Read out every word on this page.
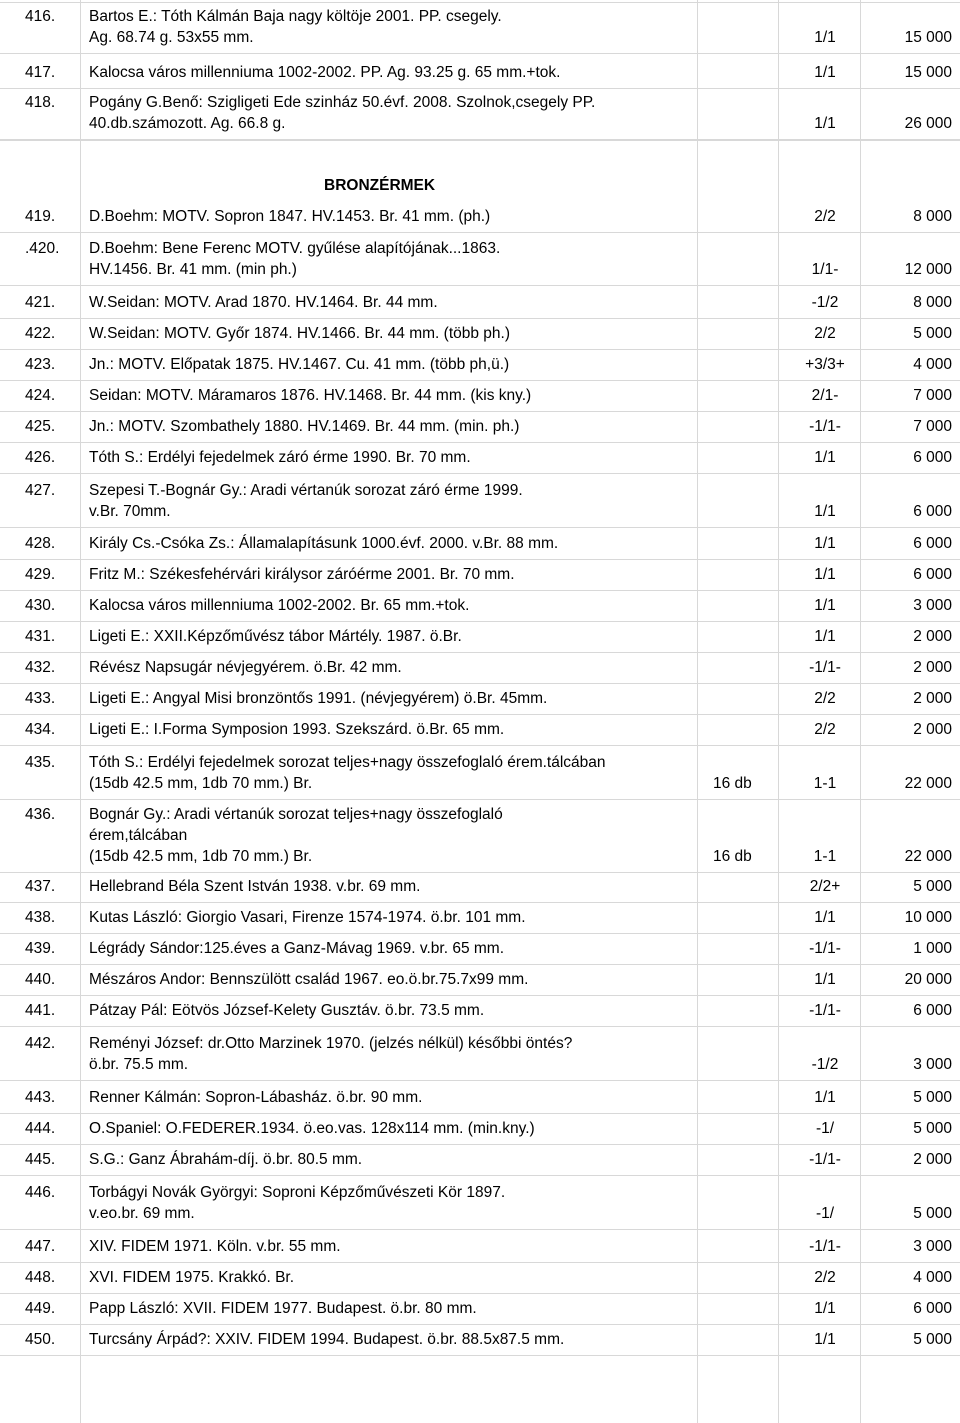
BRONZÉRMEK
416. Bartos E.: Tóth Kálmán Baja nagy költöje 2001. PP. csegely.
Ag. 68.74 g. 53x55 mm.	1/1	15 000
417. Kalocsa város millenniuma 1002-2002. PP. Ag. 93.25 g. 65 mm.+tok.	1/1	15 000
418. Pogány G.Benő: Szigligeti Ede szinház 50.évf. 2008. Szolnok,csegely PP.
40.db.számozott. Ag. 66.8 g.	1/1	26 000
419. D.Boehm: MOTV. Sopron 1847. HV.1453. Br. 41 mm. (ph.)	2/2	8 000
.420. D.Boehm: Bene Ferenc MOTV. gyűlése alapítójának...1863.
HV.1456. Br. 41 mm. (min ph.)	1/1-	12 000
421. W.Seidan: MOTV. Arad 1870. HV.1464. Br. 44 mm.	-1/2	8 000
422. W.Seidan: MOTV. Győr 1874. HV.1466. Br. 44 mm. (több ph.)	2/2	5 000
423. Jn.: MOTV. Előpatak 1875. HV.1467. Cu. 41 mm. (több ph,ü.)	+3/3+	4 000
424. Seidan: MOTV. Máramaros 1876. HV.1468. Br. 44 mm. (kis kny.)	2/1-	7 000
425. Jn.: MOTV. Szombathely 1880. HV.1469. Br. 44 mm. (min. ph.)	-1/1-	7 000
426. Tóth S.: Erdélyi fejedelmek záró érme 1990. Br. 70 mm.	1/1	6 000
427. Szepesi T.-Bognár Gy.: Aradi vértanúk sorozat záró érme 1999.
v.Br. 70mm.	1/1	6 000
428. Király Cs.-Csóka Zs.: Államalapításunk 1000.évf. 2000. v.Br. 88 mm.	1/1	6 000
429. Fritz M.: Székesfehérvári királysor záróérme 2001. Br. 70 mm.	1/1	6 000
430. Kalocsa város millenniuma 1002-2002. Br. 65 mm.+tok.	1/1	3 000
431. Ligeti E.: XXII.Képzőművész tábor Mártély. 1987. ö.Br.	1/1	2 000
432. Révész Napsugár névjegyérem. ö.Br. 42 mm.	-1/1-	2 000
433. Ligeti E.: Angyal Misi bronzöntős 1991. (névjegyérem) ö.Br. 45mm.	2/2	2 000
434. Ligeti E.: I.Forma Symposion 1993. Szekszárd. ö.Br. 65 mm.	2/2	2 000
435. Tóth S.: Erdélyi fejedelmek sorozat teljes+nagy összefoglaló érem.tálcában
(15db 42.5 mm, 1db 70 mm.) Br.	16 db	1-1	22 000
436. Bognár Gy.: Aradi vértanúk sorozat teljes+nagy összefoglaló
érem,tálcában
(15db 42.5 mm, 1db 70 mm.) Br.	16 db	1-1	22 000
437. Hellebrand Béla Szent István 1938. v.br. 69 mm.	2/2+	5 000
438. Kutas László: Giorgio Vasari, Firenze 1574-1974. ö.br. 101 mm.	1/1	10 000
439. Légrády Sándor:125.éves a Ganz-Mávag 1969. v.br. 65 mm.	-1/1-	1 000
440. Mészáros Andor: Bennszülött család 1967. eo.ö.br.75.7x99 mm.	1/1	20 000
441. Pátzay Pál: Eötvös József-Kelety Gusztáv. ö.br. 73.5 mm.	-1/1-	6 000
442. Reményi József: dr.Otto Marzinek 1970. (jelzés nélkül) későbbi öntés?
ö.br. 75.5 mm.	-1/2	3 000
443. Renner Kálmán: Sopron-Lábasház. ö.br. 90 mm.	1/1	5 000
444. O.Spaniel: O.FEDERER.1934. ö.eo.vas. 128x114 mm. (min.kny.)	-1/	5 000
445. S.G.: Ganz Ábrahám-díj. ö.br. 80.5 mm.	-1/1-	2 000
446. Torbágyi Novák Györgyi: Soproni Képzőművészeti Kör 1897.
v.eo.br. 69 mm.	-1/	5 000
447. XIV. FIDEM 1971. Köln. v.br. 55 mm.	-1/1-	3 000
448. XVI. FIDEM 1975. Krakkó. Br.	2/2	4 000
449. Papp László: XVII. FIDEM 1977. Budapest. ö.br. 80 mm.	1/1	6 000
450. Turcsány Árpád?: XXIV. FIDEM 1994. Budapest. ö.br. 88.5x87.5 mm.	1/1	5 000
